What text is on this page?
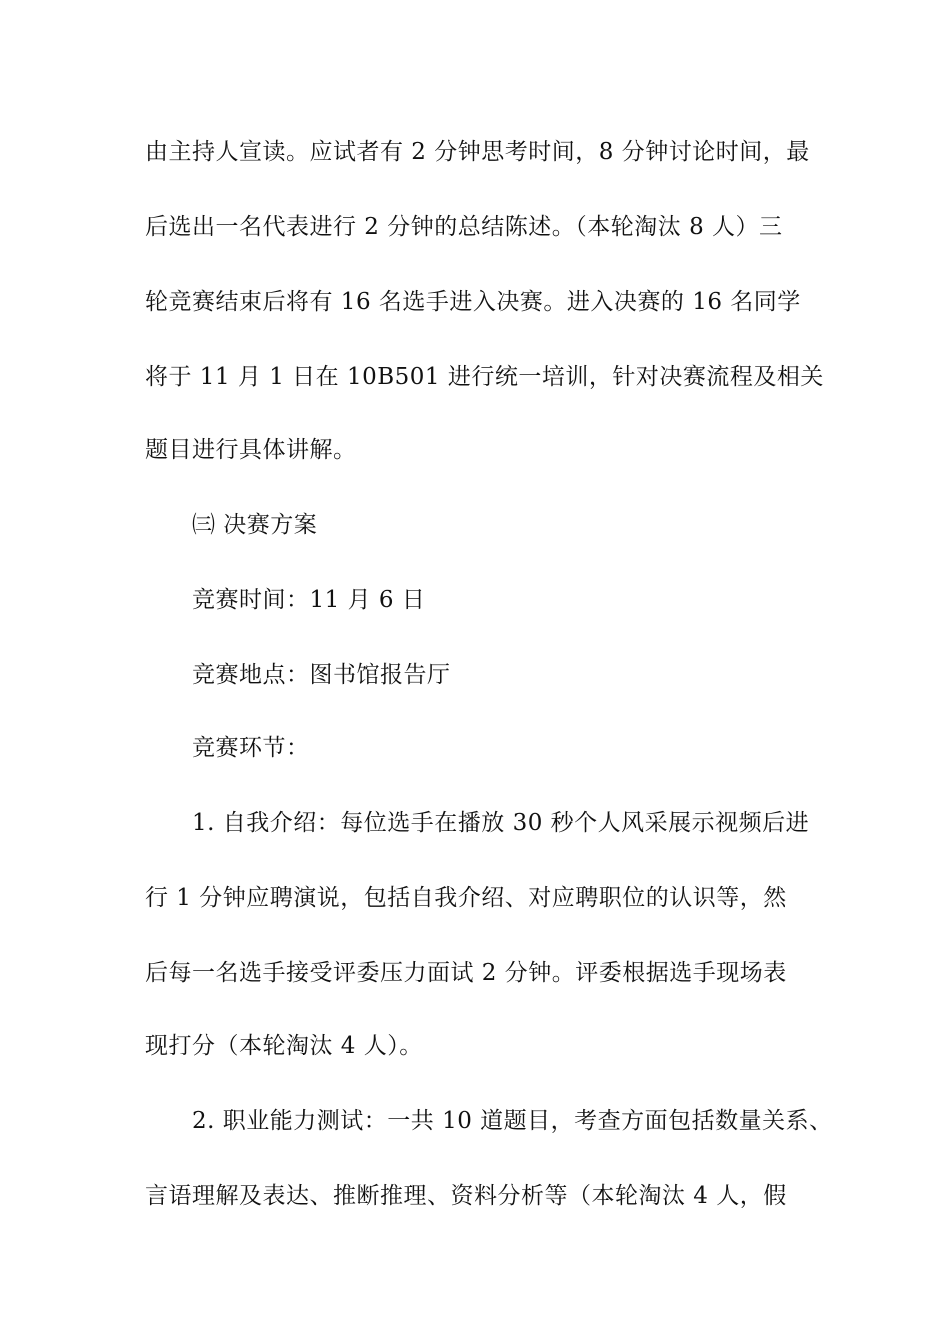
由主持人宣读。应试者有 2 分钟思考时间，8 分钟讨论时间，最
后选出一名代表进行 2 分钟的总结陈述。（本轮淘汰 8 人）三
轮竞赛结束后将有 16 名选手进入决赛。进入决赛的 16 名同学
将于 11 月 1 日在 10B501 进行统一培训，针对决赛流程及相关
题目进行具体讲解。
㈢ 决赛方案
竞赛时间：11 月 6 日
竞赛地点：图书馆报告厅
竞赛环节：
1. 自我介绍：每位选手在播放 30 秒个人风采展示视频后进
行 1 分钟应聘演说，包括自我介绍、对应聘职位的认识等，然
后每一名选手接受评委压力面试 2 分钟。评委根据选手现场表
现打分（本轮淘汰 4 人）。
2. 职业能力测试：一共 10 道题目，考查方面包括数量关系、
言语理解及表达、推断推理、资料分析等（本轮淘汰 4 人，假
